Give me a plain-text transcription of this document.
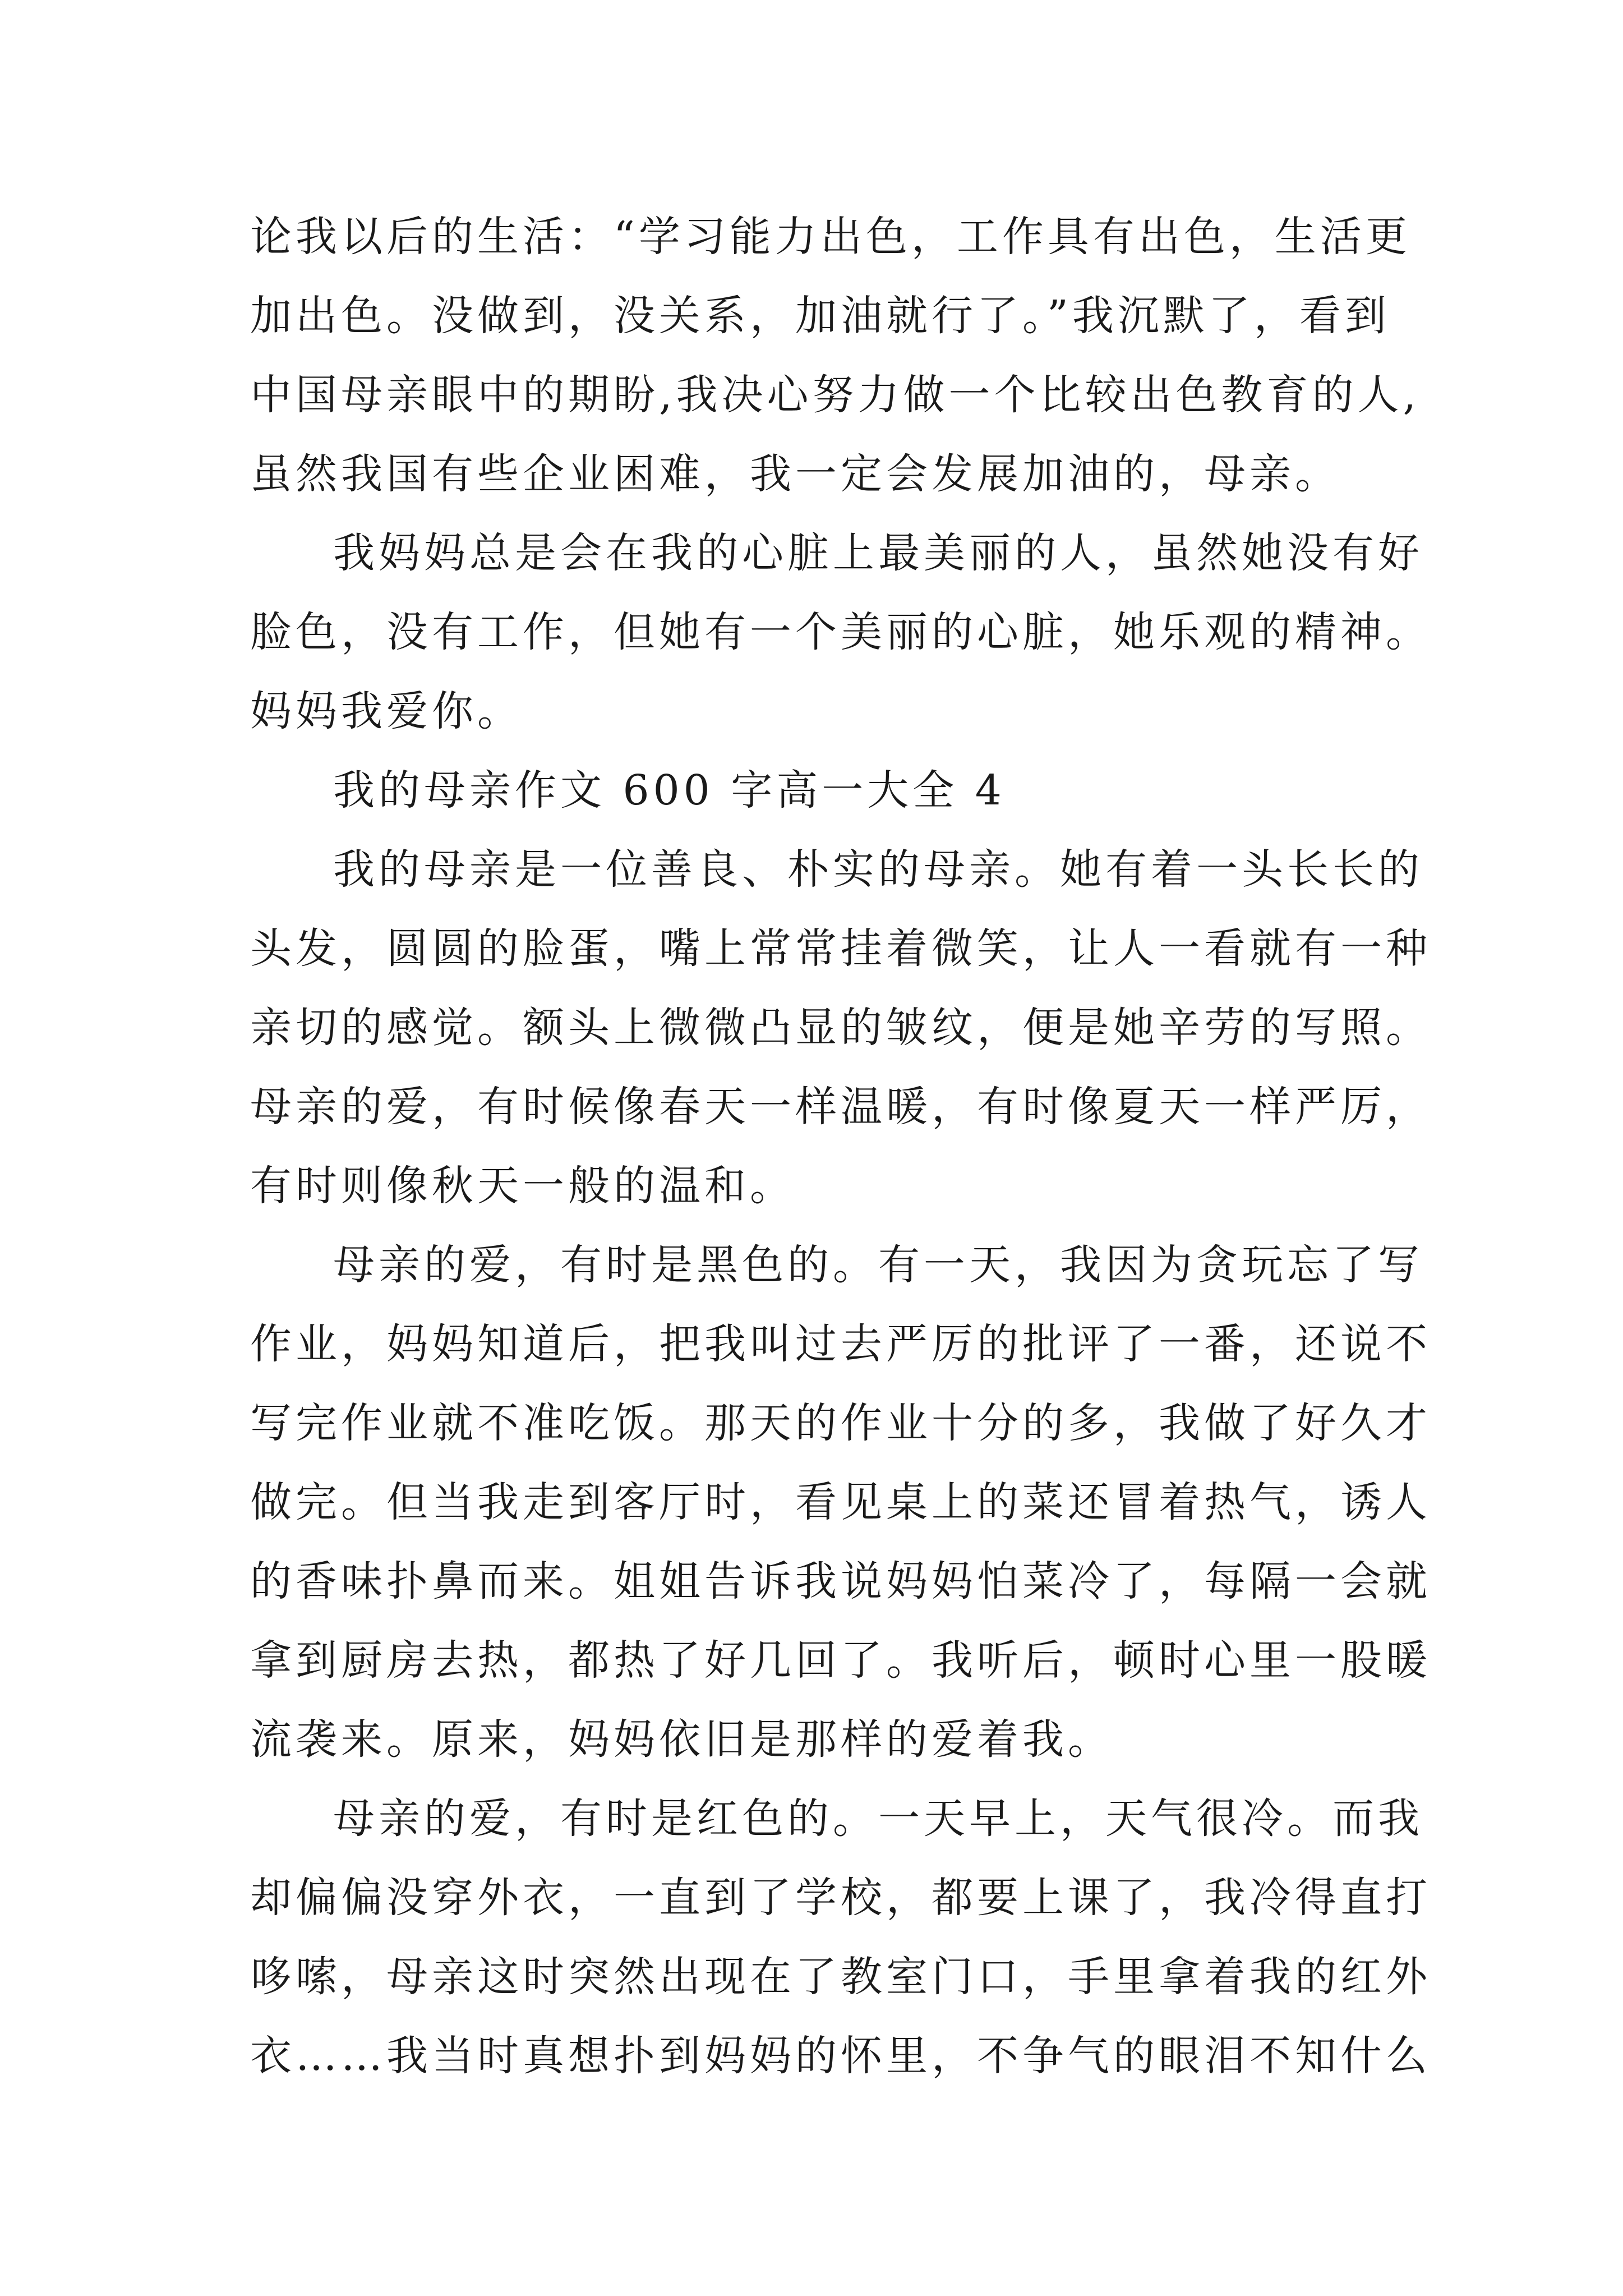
论我以后的生活：“学习能力出色，工作具有出色，生活更
加出色。没做到，没关系，加油就行了。”我沉默了，看到
中国母亲眼中的期盼,我决心努力做一个比较出色教育的人,
虽然我国有些企业困难，我一定会发展加油的，母亲。
我妈妈总是会在我的心脏上最美丽的人，虽然她没有好
脸色，没有工作，但她有一个美丽的心脏，她乐观的精神。
妈妈我爱你。
我的母亲作文 600 字高一大全 4
我的母亲是一位善良、朴实的母亲。她有着一头长长的
头发，圆圆的脸蛋，嘴上常常挂着微笑，让人一看就有一种
亲切的感觉。额头上微微凸显的皱纹，便是她辛劳的写照。
母亲的爱，有时候像春天一样温暖，有时像夏天一样严厉，
有时则像秋天一般的温和。
母亲的爱，有时是黑色的。有一天，我因为贪玩忘了写
作业，妈妈知道后，把我叫过去严厉的批评了一番，还说不
写完作业就不准吃饭。那天的作业十分的多，我做了好久才
做完。但当我走到客厅时，看见桌上的菜还冒着热气，诱人
的香味扑鼻而来。姐姐告诉我说妈妈怕菜冷了，每隔一会就
拿到厨房去热，都热了好几回了。我听后，顿时心里一股暖
流袭来。原来，妈妈依旧是那样的爱着我。
母亲的爱，有时是红色的。一天早上，天气很冷。而我
却偏偏没穿外衣，一直到了学校，都要上课了，我冷得直打
哆嗦，母亲这时突然出现在了教室门口，手里拿着我的红外
衣……我当时真想扑到妈妈的怀里，不争气的眼泪不知什么
